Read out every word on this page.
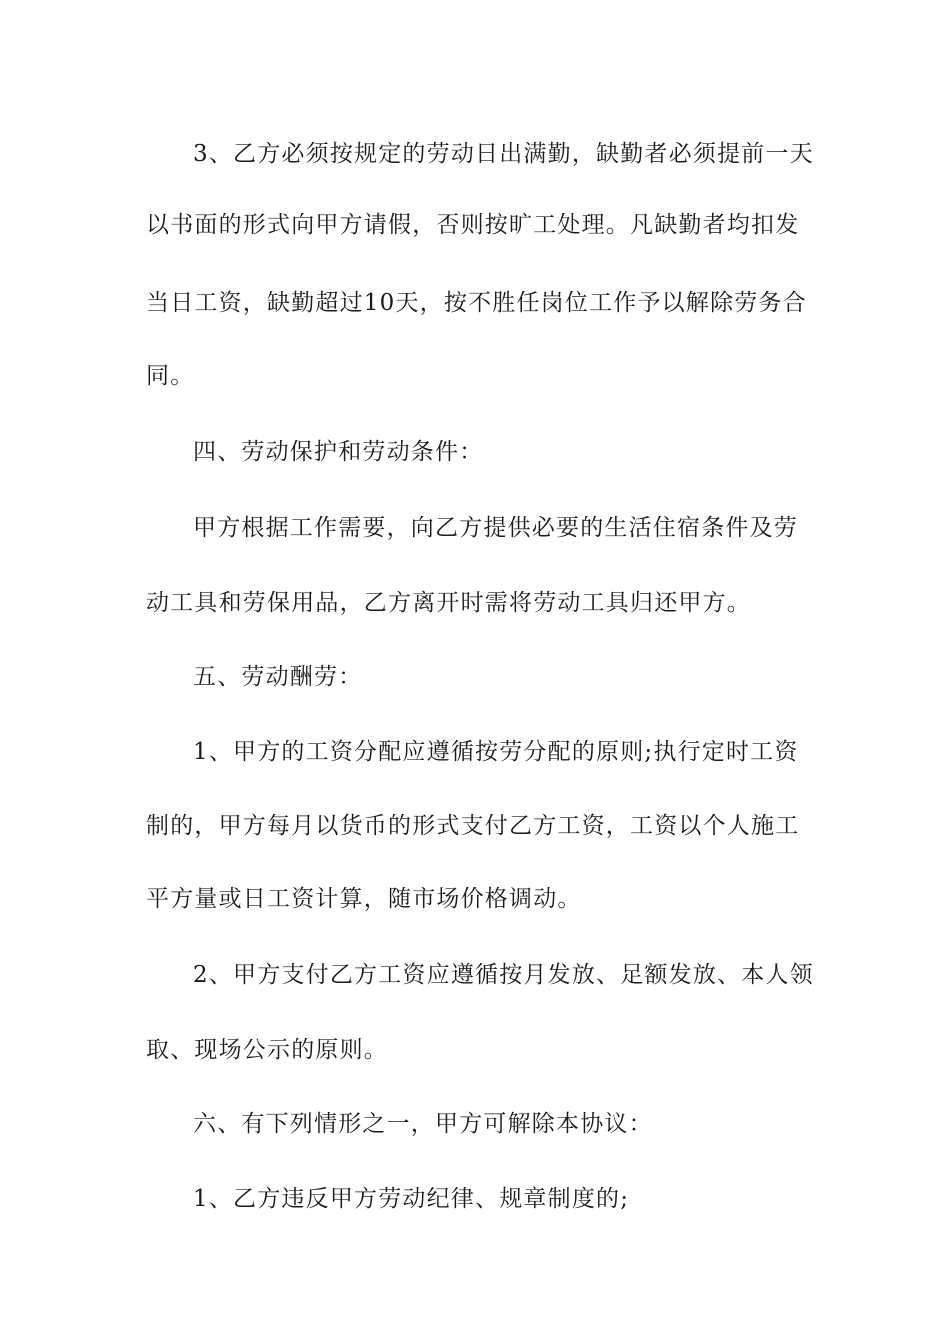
3、乙方必须按规定的劳动日出满勤，缺勤者必须提前一天
以书面的形式向甲方请假，否则按旷工处理。凡缺勤者均扣发
当日工资，缺勤超过10天，按不胜任岗位工作予以解除劳务合
同。
四、劳动保护和劳动条件：
甲方根据工作需要，向乙方提供必要的生活住宿条件及劳
动工具和劳保用品，乙方离开时需将劳动工具归还甲方。
五、劳动酬劳：
1、甲方的工资分配应遵循按劳分配的原则;执行定时工资
制的，甲方每月以货币的形式支付乙方工资，工资以个人施工
平方量或日工资计算，随市场价格调动。
2、甲方支付乙方工资应遵循按月发放、足额发放、本人领
取、现场公示的原则。
六、有下列情形之一，甲方可解除本协议：
1、乙方违反甲方劳动纪律、规章制度的;
